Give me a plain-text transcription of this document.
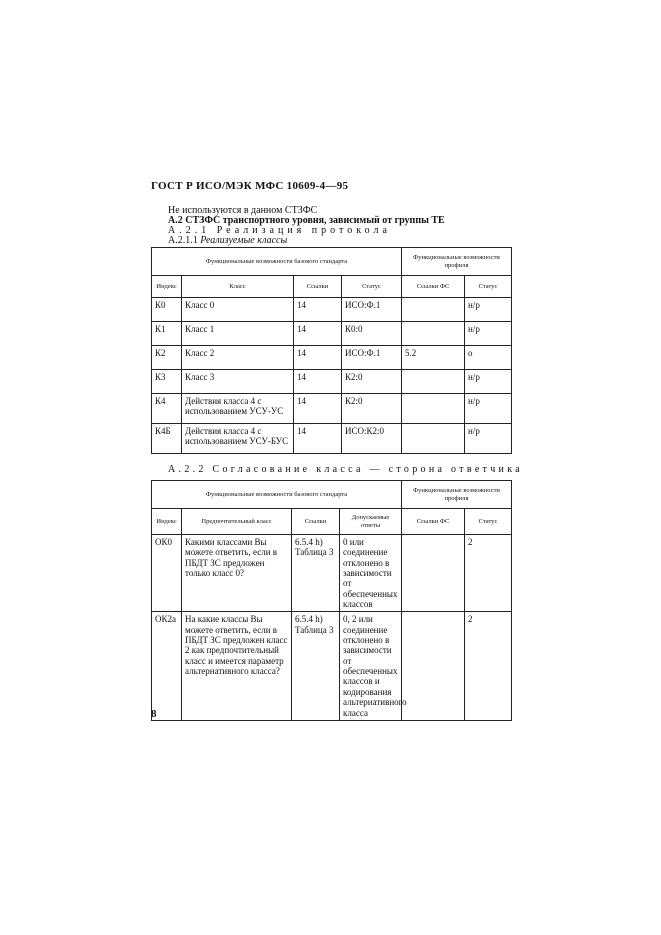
ГОСТ Р ИСО/МЭК МФС 10609-4—95
Не используются в данном СТЗФС
А.2 СТЗФС транспортного уровня, зависимый от группы ТЕ
А.2.1 Реализация протокола
А.2.1.1 Реализуемые классы
Функциональные возможности базового стандарта				Функциональные возможности профиля	
Индекс	Класс	Ссылки	Статус	Ссылки ФС	Статус
К0	Класс 0	14	ИСО:Ф.1		н/р
К1	Класс 1	14	К0:0		н/р
К2	Класс 2	14	ИСО:Ф.1	5.2	о
К3	Класс 3	14	К2:0		н/р
К4	Действия класса 4 с использованием УСУ-УС	14	К2:0		н/р
К4Б	Действия класса 4 с использованием УСУ-БУС	14	ИСО:К2:0		н/р
А.2.2 Согласование класса — сторона ответчика
Функциональные возможности базового стандарта				Функциональные возможности профиля	
Индекс	Предпочтительный класс	Ссылки	Допускаемые ответы	Ссылки ФС	Статус
ОК0	Какими классами Вы можете ответить, если в ПБДТ ЗС предложен только класс 0?	6.5.4 h) Таблица 3	0 или соединение отклонено в зависимости от обеспеченных классов		2
ОК2а	На какие классы Вы можете ответить, если в ПБДТ ЗС предложен класс 2 как предпочтительный класс и имеется параметр альтернативного класса?	6.5.4 h) Таблица 3	0, 2 или соединение отклонено в зависимости от обеспеченных классов и кодирования альтернативного класса		2
8
